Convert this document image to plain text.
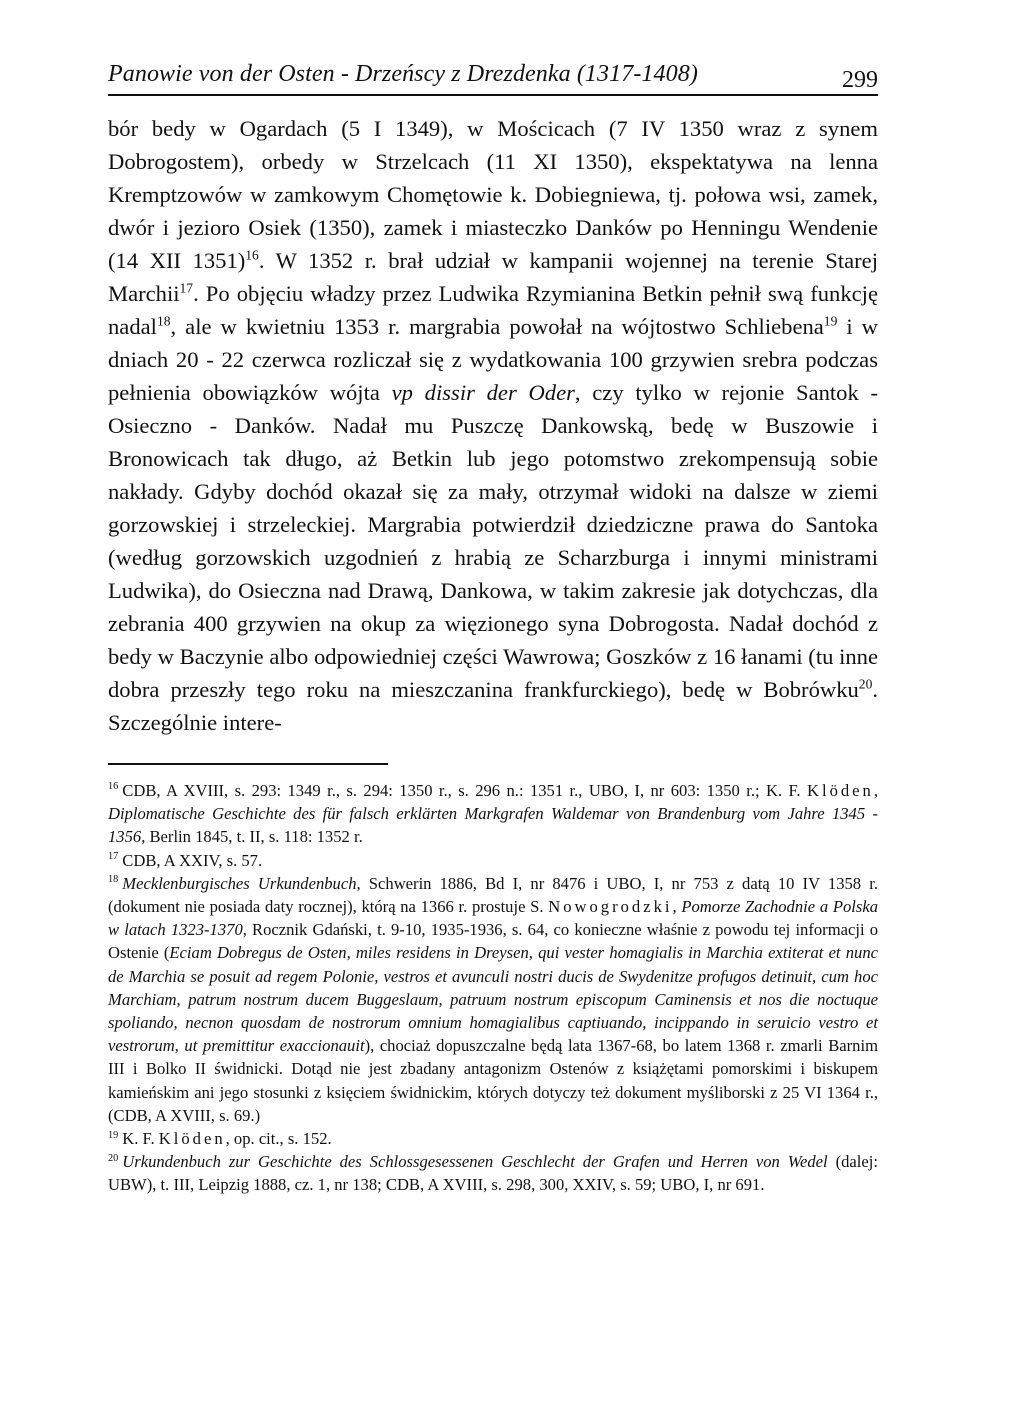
Panowie von der Osten - Drzeńscy z Drezdenka (1317-1408)	299

bór bedy w Ogardach (5 I 1349), w Mościcach (7 IV 1350 wraz z synem Dobrogostem), orbedy w Strzelcach (11 XI 1350), ekspektatywa na lenna Kremptzowów w zamkowym Chomętowie k. Dobiegniewa, tj. połowa wsi, zamek, dwór i jezioro Osiek (1350), zamek i miasteczko Danków po Henningu Wendenie (14 XII 1351)$^{16}$. W 1352 r. brał udział w kampanii wojennej na terenie Starej Marchii$^{17}$. Po objęciu władzy przez Ludwika Rzymianina Betkin pełnił swą funkcję nadal$^{18}$, ale w kwietniu 1353 r. margrabia powołał na wójtostwo Schliebena$^{19}$ i w dniach 20 - 22 czerwca rozliczał się z wydatkowania 100 grzywien srebra podczas pełnienia obowiązków wójta vp dissir der Oder, czy tylko w rejonie Santok - Osieczno - Danków. Nadał mu Puszczę Dankowską, bedę w Buszowie i Bronowicach tak długo, aż Betkin lub jego potomstwo zrekompensują sobie nakłady. Gdyby dochód okazał się za mały, otrzymał widoki na dalsze w ziemi gorzowskiej i strzeleckiej. Margrabia potwierdził dziedziczne prawa do Santoka (według gorzowskich uzgodnień z hrabią ze Scharzburga i innymi ministrami Ludwika), do Osieczna nad Drawą, Dankowa, w takim zakresie jak dotychczas, dla zebrania 400 grzywien na okup za więzionego syna Dobrogosta. Nadał dochód z bedy w Baczynie albo odpowiedniej części Wawrowa; Goszków z 16 łanami (tu inne dobra przeszły tego roku na mieszczanina frankfurckiego), bedę w Bobrówku$^{20}$. Szczególnie intere-

$^{16}$ CDB, A XVIII, s. 293: 1349 r., s. 294: 1350 r., s. 296 n.: 1351 r., UBO, I, nr 603: 1350 r.; K. F. Klöden, Diplomatische Geschichte des für falsch erklärten Markgrafen Waldemar von Brandenburg vom Jahre 1345 - 1356, Berlin 1845, t. II, s. 118: 1352 r.

$^{17}$ CDB, A XXIV, s. 57.

$^{18}$ Mecklenburgisches Urkundenbuch, Schwerin 1886, Bd I, nr 8476 i UBO, I, nr 753 z datą 10 IV 1358 r. (dokument nie posiada daty rocznej), którą na 1366 r. prostuje S. Nowogrodzki, Pomorze Zachodnie a Polska w latach 1323-1370, Rocznik Gdański, t. 9-10, 1935-1936, s. 64, co konieczne właśnie z powodu tej informacji o Ostenie (Eciam Dobregus de Osten, miles residens in Dreysen, qui vester homagialis in Marchia extiterat et nunc de Marchia se posuit ad regem Polonie, vestros et avunculi nostri ducis de Swydenitze profugos detinuit, cum hoc Marchiam, patrum nostrum ducem Buggeslaum, patruum nostrum episcopum Caminensis et nos die noctuque spoliando, necnon quosdam de nostrorum omnium homagialibus captiuando, incippando in seruicio vestro et vestrorum, ut premittitur exaccionauit), chociaż dopuszczalne będą lata 1367-68, bo latem 1368 r. zmarli Barnim III i Bolko II świdnicki. Dotąd nie jest zbadany antagonizm Ostenów z książętami pomorskimi i biskupem kamieńskim ani jego stosunki z księciem świdnickim, których dotyczy też dokument myśliborski z 25 VI 1364 r., (CDB, A XVIII, s. 69.)

$^{19}$ K. F. Klöden, op. cit., s. 152.

$^{20}$ Urkundenbuch zur Geschichte des Schlossgesessenen Geschlecht der Grafen und Herren von Wedel (dalej: UBW), t. III, Leipzig 1888, cz. 1, nr 138; CDB, A XVIII, s. 298, 300, XXIV, s. 59; UBO, I, nr 691.
